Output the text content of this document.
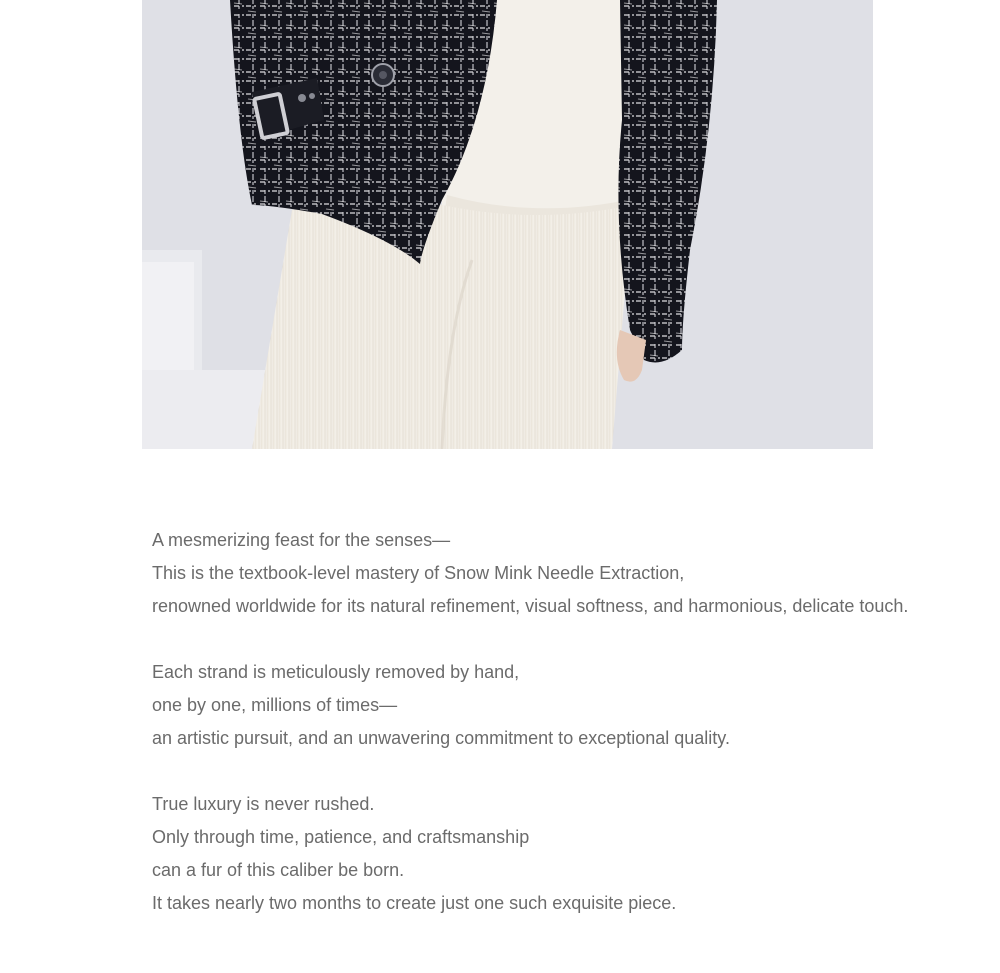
A mesmerizing feast for the senses—
This is the textbook-level mastery of Snow Mink Needle Extraction,
renowned worldwide for its natural refinement, visual softness, and harmonious, delicate touch.
Each strand is meticulously removed by hand,
one by one, millions of times—
an artistic pursuit, and an unwavering commitment to exceptional quality.
True luxury is never rushed.
Only through time, patience, and craftsmanship
can a fur of this caliber be born.
It takes nearly two months to create just one such exquisite piece.
